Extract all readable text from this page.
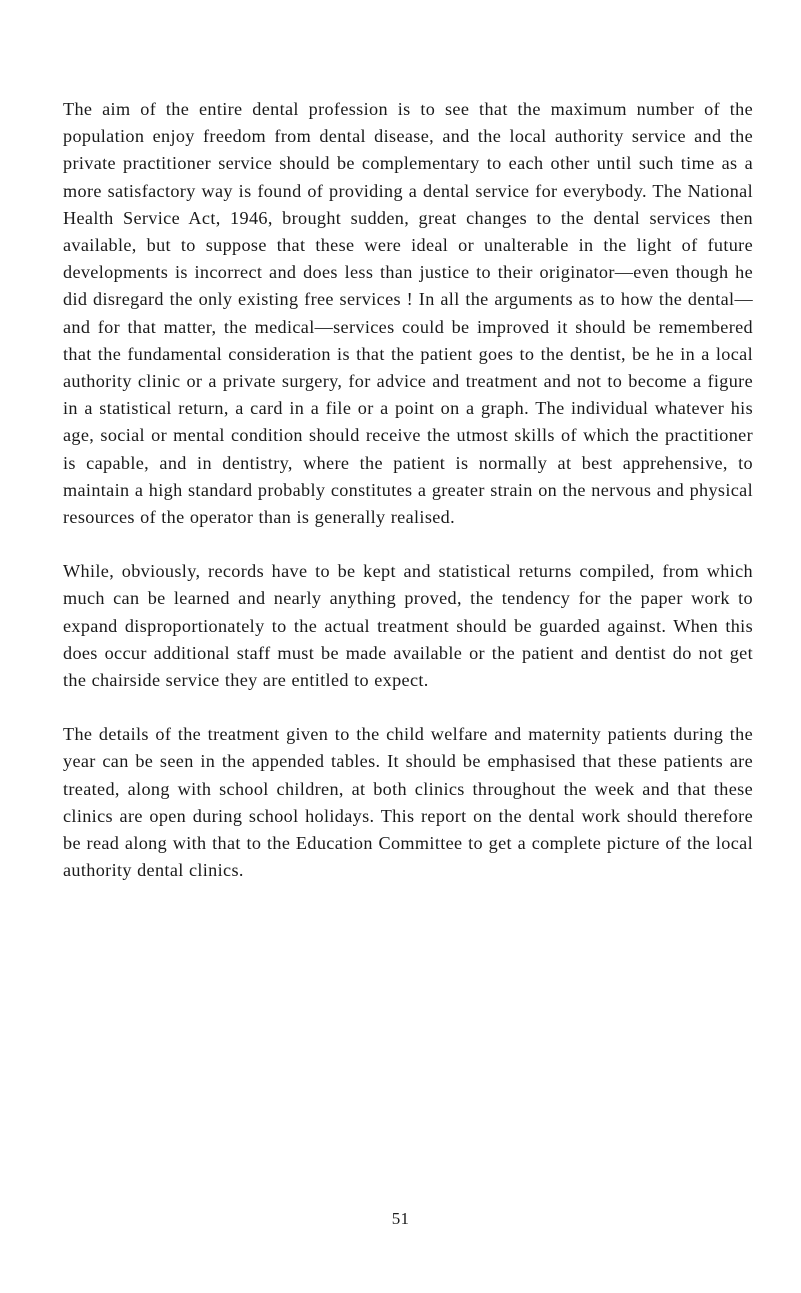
The aim of the entire dental profession is to see that the maximum number of the population enjoy freedom from dental disease, and the local authority service and the private practitioner service should be complementary to each other until such time as a more satisfactory way is found of providing a dental service for everybody. The National Health Service Act, 1946, brought sudden, great changes to the dental services then available, but to suppose that these were ideal or unalterable in the light of future developments is incorrect and does less than justice to their originator—even though he did disregard the only existing free services ! In all the arguments as to how the dental—and for that matter, the medical—services could be improved it should be remembered that the fundamental consideration is that the patient goes to the dentist, be he in a local authority clinic or a private surgery, for advice and treatment and not to become a figure in a statistical return, a card in a file or a point on a graph. The individual whatever his age, social or mental condition should receive the utmost skills of which the practitioner is capable, and in dentistry, where the patient is normally at best apprehensive, to maintain a high standard probably constitutes a greater strain on the nervous and physical resources of the operator than is generally realised.

While, obviously, records have to be kept and statistical returns compiled, from which much can be learned and nearly anything proved, the tendency for the paper work to expand disproportionately to the actual treatment should be guarded against. When this does occur additional staff must be made available or the patient and dentist do not get the chairside service they are entitled to expect.

The details of the treatment given to the child welfare and maternity patients during the year can be seen in the appended tables. It should be emphasised that these patients are treated, along with school children, at both clinics throughout the week and that these clinics are open during school holidays. This report on the dental work should therefore be read along with that to the Education Committee to get a complete picture of the local authority dental clinics.

51
